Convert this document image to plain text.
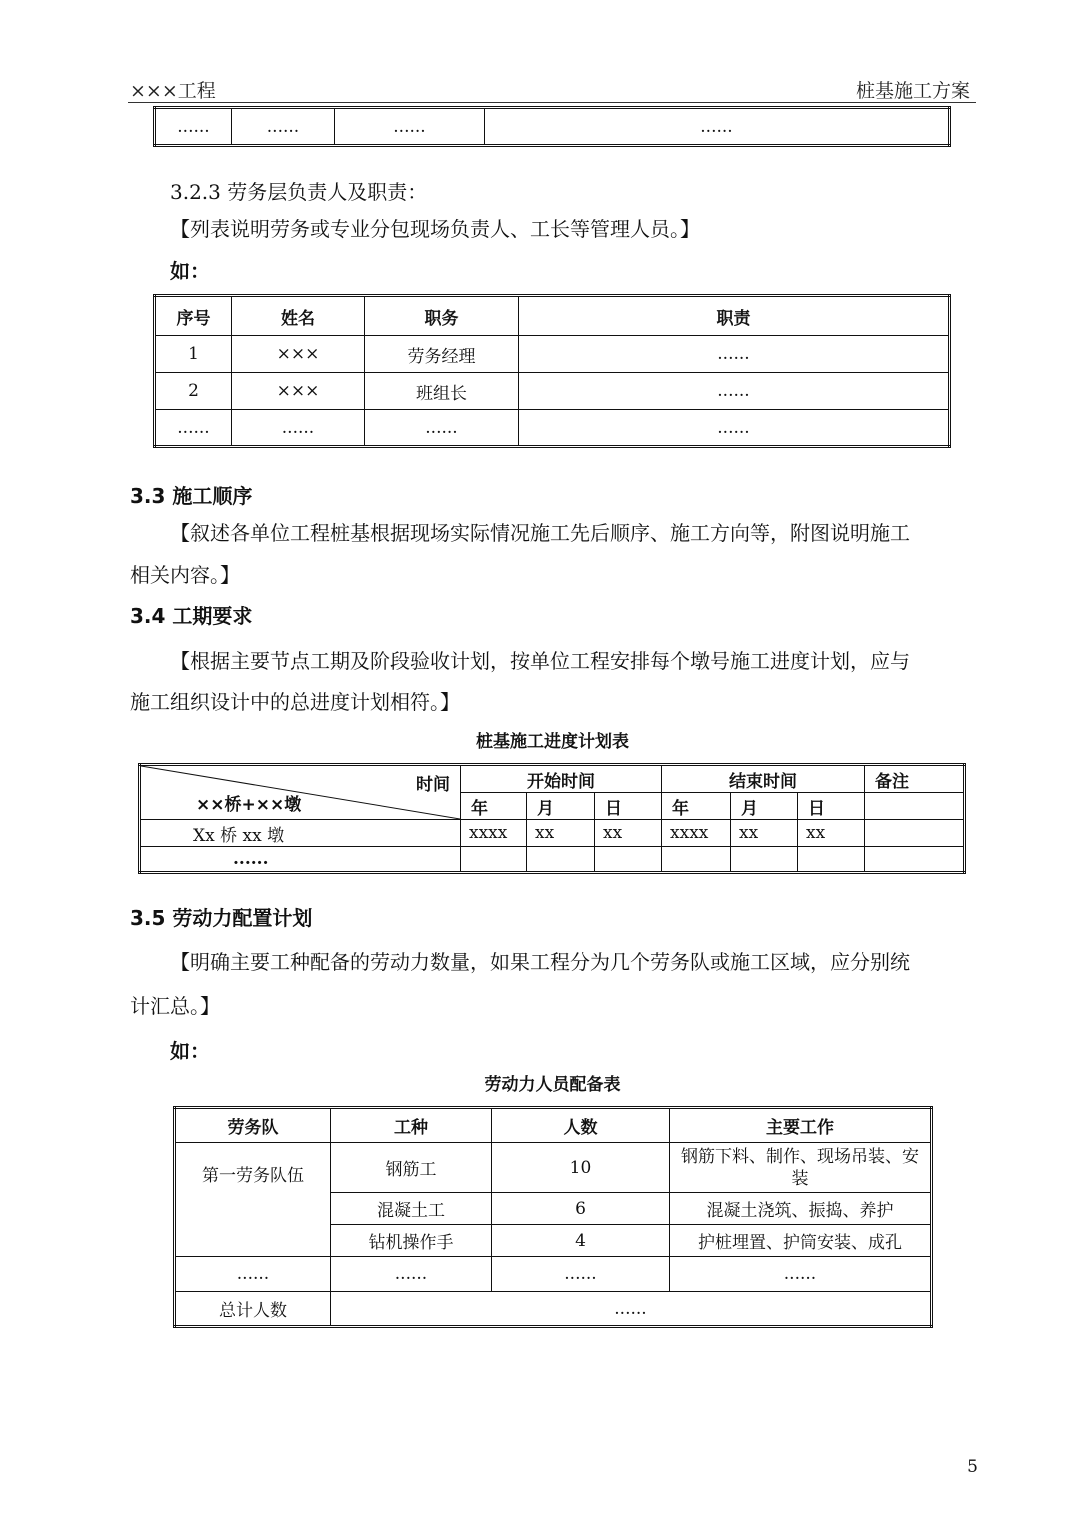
×××工程	桩基施工方案
......	......	......	......
3.2.3 劳务层负责人及职责：
【列表说明劳务或专业分包现场负责人、工长等管理人员。】
如：
序号	姓名	职务	职责
1	×××	劳务经理	......
2	×××	班组长	......
......	......	......	......
3.3 施工顺序
【叙述各单位工程桩基根据现场实际情况施工先后顺序、施工方向等，附图说明施工
相关内容。】
3.4 工期要求
【根据主要节点工期及阶段验收计划，按单位工程安排每个墩号施工进度计划，应与
施工组织设计中的总进度计划相符。】
桩基施工进度计划表
时间
××桥+××墩	开始时间			结束时间			备注
	年	月	日	年	月	日	
Xx 桥 xx 墩	xxxx	xx	xx	xxxx	xx	xx	
......							
3.5 劳动力配置计划
【明确主要工种配备的劳动力数量，如果工程分为几个劳务队或施工区域，应分别统
计汇总。】
如：
劳动力人员配备表
劳务队	工种	人数	主要工作
第一劳务队伍	钢筋工	10	钢筋下料、制作、现场吊装、安装
	混凝土工	6	混凝土浇筑、振捣、养护
	钻机操作手	4	护桩埋置、护筒安装、成孔
......	......	......	......
总计人数	......		
5
